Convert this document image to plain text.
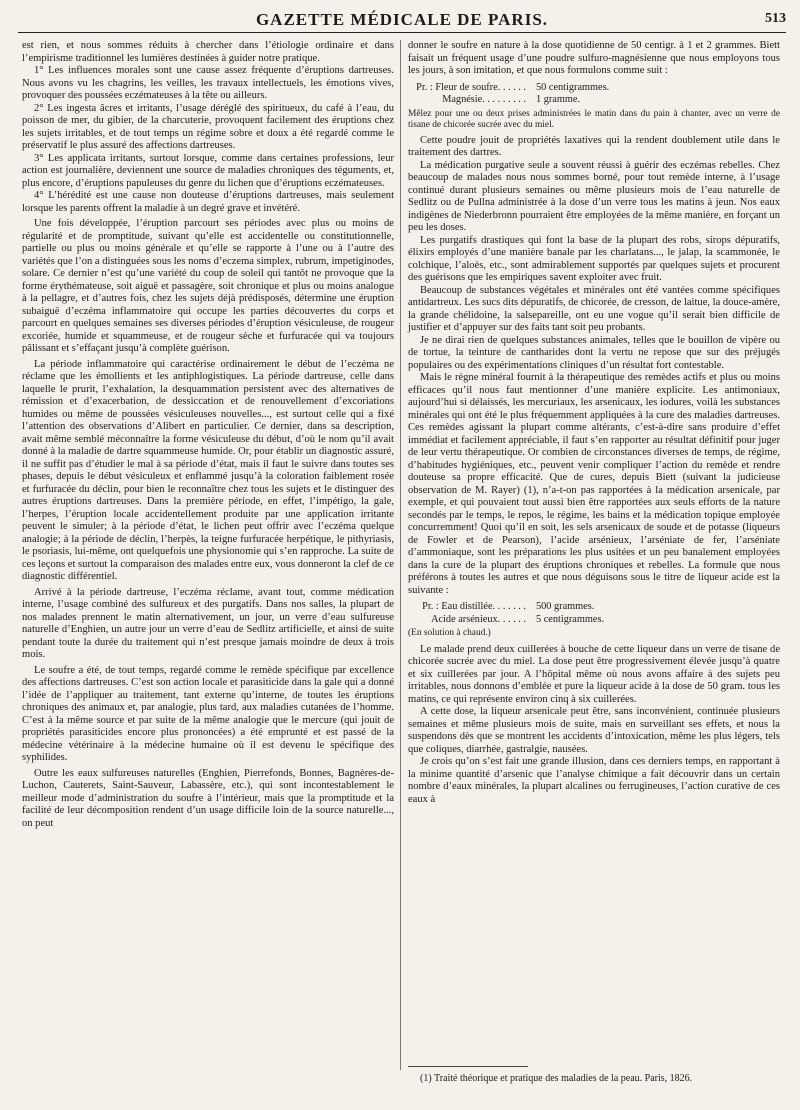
GAZETTE MÉDICALE DE PARIS.	513

est rien, et nous sommes réduits à chercher dans l’étiologie ordinaire et dans l’empirisme traditionnel les lumières destinées à guider notre pratique.

1° Les influences morales sont une cause assez fréquente d’éruptions dartreuses. Nous avons vu les chagrins, les veilles, les travaux intellectuels, les émotions vives, provoquer des poussées eczémateuses à la tête ou ailleurs.

2° Les ingesta âcres et irritants, l’usage déréglé des spiritueux, du café à l’eau, du poisson de mer, du gibier, de la charcuterie, provoquent facilement des éruptions chez les sujets irritables, et de tout temps un régime sobre et doux a été regardé comme le préservatif le plus assuré des affections dartreuses.

3° Les applicata irritants, surtout lorsque, comme dans certaines professions, leur action est journalière, deviennent une source de maladies chroniques des téguments, et, plus encore, d’éruptions papuleuses du genre du lichen que d’éruptions eczémateuses.

4° L’hérédité est une cause non douteuse d’éruptions dartreuses, mais seulement lorsque les parents offrent la maladie à un degré grave et invétéré.

Une fois développée, l’éruption parcourt ses périodes avec plus ou moins de régularité et de promptitude, suivant qu’elle est accidentelle ou constitutionnelle, partielle ou plus ou moins générale et qu’elle se rapporte à l’une ou à l’autre des variétés que l’on a distinguées sous les noms d’eczema simplex, rubrum, impetiginodes, solare. Ce dernier n’est qu’une variété du coup de soleil qui tantôt ne provoque que la forme érythémateuse, soit aiguë et passagère, soit chronique et plus ou moins analogue à la pellagre, et d’autres fois, chez les sujets déjà prédisposés, détermine une éruption subaiguë d’eczéma inflammatoire qui occupe les parties découvertes du corps et parcourt en quelques semaines ses diverses périodes d’éruption vésiculeuse, de rougeur excoriée, humide et squammeuse, et de rougeur sèche et furfuracée qui va toujours pâlissant et s’effaçant jusqu’à complète guérison.

La période inflammatoire qui caractérise ordinairement le début de l’eczéma ne réclame que les émollients et les antiphlogistiques. La période dartreuse, celle dans laquelle le prurit, l’exhalation, la desquammation persistent avec des alternatives de rémission et d’exacerbation, de dessiccation et de renouvellement d’excoriations humides ou même de poussées vésiculeuses nouvelles..., est surtout celle qui a fixé l’attention des observations d’Alibert en particulier. Ce dernier, dans sa description, avait même semblé méconnaître la forme vésiculeuse du début, d’où le nom qu’il avait donné à la maladie de dartre squammeuse humide. Or, pour établir un diagnostic assuré, il ne suffit pas d’étudier le mal à sa période d’état, mais il faut le suivre dans toutes ses phases, depuis le début vésiculeux et enflammé jusqu’à la coloration faiblement rosée et furfuracée du déclin, pour bien le reconnaître chez tous les sujets et le distinguer des autres éruptions dartreuses. Dans la première période, en effet, l’impétigo, la gale, l’herpes, l’éruption locale accidentellement produite par une application irritante peuvent le simuler; à la période d’état, le lichen peut offrir avec l’eczéma quelque analogie; à la période de déclin, l’herpès, la teigne furfuracée herpétique, le pithyriasis, le psoriasis, lui-même, ont quelquefois une physionomie qui s’en rapproche. La suite de ces leçons et surtout la comparaison des malades entre eux, vous donneront la clef de ce diagnostic différentiel.

Arrivé à la période dartreuse, l’eczéma réclame, avant tout, comme médication interne, l’usage combiné des sulfureux et des purgatifs. Dans nos salles, la plupart de nos malades prennent le matin alternativement, un jour, un verre d’eau sulfureuse naturelle d’Enghien, un autre jour un verre d’eau de Sedlitz artificielle, et ainsi de suite pendant toute la durée du traitement qui n’est presque jamais moindre de deux à trois mois.

Le soufre a été, de tout temps, regardé comme le remède spécifique par excellence des affections dartreuses. C’est son action locale et parasiticide dans la gale qui a donné l’idée de l’appliquer au traitement, tant externe qu’interne, de toutes les éruptions chroniques des animaux et, par analogie, plus tard, aux maladies cutanées de l’homme. C’est à la même source et par suite de la même analogie que le mercure (qui jouit de propriétés parasiticides encore plus prononcées) a été emprunté et est passé de la médecine vétérinaire à la médecine humaine où il est devenu le spécifique des syphilides.

Outre les eaux sulfureuses naturelles (Enghien, Pierrefonds, Bonnes, Bagnères-de-Luchon, Cauterets, Saint-Sauveur, Labassère, etc.), qui sont incontestablement le meilleur mode d’administration du soufre à l’intérieur, mais que la promptitude et la facilité de leur décomposition rendent d’un usage difficile loin de la source naturelle..., on peut

donner le soufre en nature à la dose quotidienne de 50 centigr. à 1 et 2 grammes. Biett faisait un fréquent usage d’une poudre sulfuro-magnésienne que nous employons tous les jours, à son imitation, et que nous formulons comme suit :

Pr. : Fleur de soufre. . . . . . 50 centigrammes.
Magnésie. . . . . . . . . 1 gramme.

Mêlez pour une ou deux prises administrées le matin dans du pain à chanter, avec un verre de tisane de chicorée sucrée avec du miel.

Cette poudre jouit de propriétés laxatives qui la rendent doublement utile dans le traitement des dartres.

La médication purgative seule a souvent réussi à guérir des eczémas rebelles. Chez beaucoup de malades nous nous sommes borné, pour tout remède interne, à l’usage continué durant plusieurs semaines ou même plusieurs mois de l’eau naturelle de Sedlitz ou de Pullna administrée à la dose d’un verre tous les matins à jeun. Nos eaux indigènes de Niederbronn pourraient être employées de la même manière, en forçant un peu les doses.

Les purgatifs drastiques qui font la base de la plupart des robs, sirops dépuratifs, élixirs employés d’une manière banale par les charlatans..., le jalap, la scammonée, le colchique, l’aloès, etc., sont admirablement supportés par quelques sujets et procurent des guérisons que les empiriques savent exploiter avec fruit.

Beaucoup de substances végétales et minérales ont été vantées comme spécifiques antidartreux. Les sucs dits dépuratifs, de chicorée, de cresson, de laitue, la douce-amère, la grande chélidoine, la salsepareille, ont eu une vogue qu’il serait bien difficile de justifier et d’appuyer sur des faits tant soit peu probants.

Je ne dirai rien de quelques substances animales, telles que le bouillon de vipère ou de tortue, la teinture de cantharides dont la vertu ne repose que sur des préjugés populaires ou des expérimentations cliniques d’un résultat fort contestable.

Mais le règne minéral fournit à la thérapeutique des remèdes actifs et plus ou moins efficaces qu’il nous faut mentionner d’une manière explicite. Les antimoniaux, aujourd’hui si délaissés, les mercuriaux, les arsenicaux, les iodures, voilà les substances minérales qui ont été le plus fréquemment appliquées à la cure des maladies dartreuses. Ces remèdes agissant la plupart comme altérants, c’est-à-dire sans produire d’effet immédiat et facilement appréciable, il faut s’en rapporter au résultat définitif pour juger de leur vertu thérapeutique. Or combien de circonstances diverses de temps, de régime, d’habitudes hygiéniques, etc., peuvent venir compliquer l’action du remède et rendre douteuse sa propre efficacité. Que de cures, depuis Biett (suivant la judicieuse observation de M. Rayer) (1), n’a-t-on pas rapportées à la médication arsenicale, par exemple, et qui pouvaient tout aussi bien être rapportées aux seuls efforts de la nature secondés par le temps, le repos, le régime, les bains et la médication topique employée concurremment! Quoi qu’il en soit, les sels arsenicaux de soude et de potasse (liqueurs de Fowler et de Pearson), l’acide arsénieux, l’arséniate de fer, l’arséniate d’ammoniaque, sont les préparations les plus usitées et un peu banalement employées dans la cure de la plupart des éruptions chroniques et rebelles. La formule que nous préférons à toutes les autres et que nous déguisons sous le titre de liqueur acide est la suivante :

Pr. : Eau distillée. . . . . . . 500 grammes.
Acide arsénieux. . . . . . 5 centigrammes.

(En solution à chaud.)

Le malade prend deux cuillerées à bouche de cette liqueur dans un verre de tisane de chicorée sucrée avec du miel. La dose peut être progressivement élevée jusqu’à quatre et six cuillerées par jour. A l’hôpital même où nous avons affaire à des sujets peu irritables, nous donnons d’emblée et pure la liqueur acide à la dose de 50 gram. tous les matins, ce qui représente environ cinq à six cuillerées.

A cette dose, la liqueur arsenicale peut être, sans inconvénient, continuée plusieurs semaines et même plusieurs mois de suite, mais en surveillant ses effets, et nous la suspendons dès que se montrent les accidents d’intoxication, même les plus légers, tels que coliques, diarrhée, gastralgie, nausées.

Je crois qu’on s’est fait une grande illusion, dans ces derniers temps, en rapportant à la minime quantité d’arsenic que l’analyse chimique a fait découvrir dans un certain nombre d’eaux minérales, la plupart alcalines ou ferrugineuses, l’action curative de ces eaux à

(1) Traité théorique et pratique des maladies de la peau. Paris, 1826.
